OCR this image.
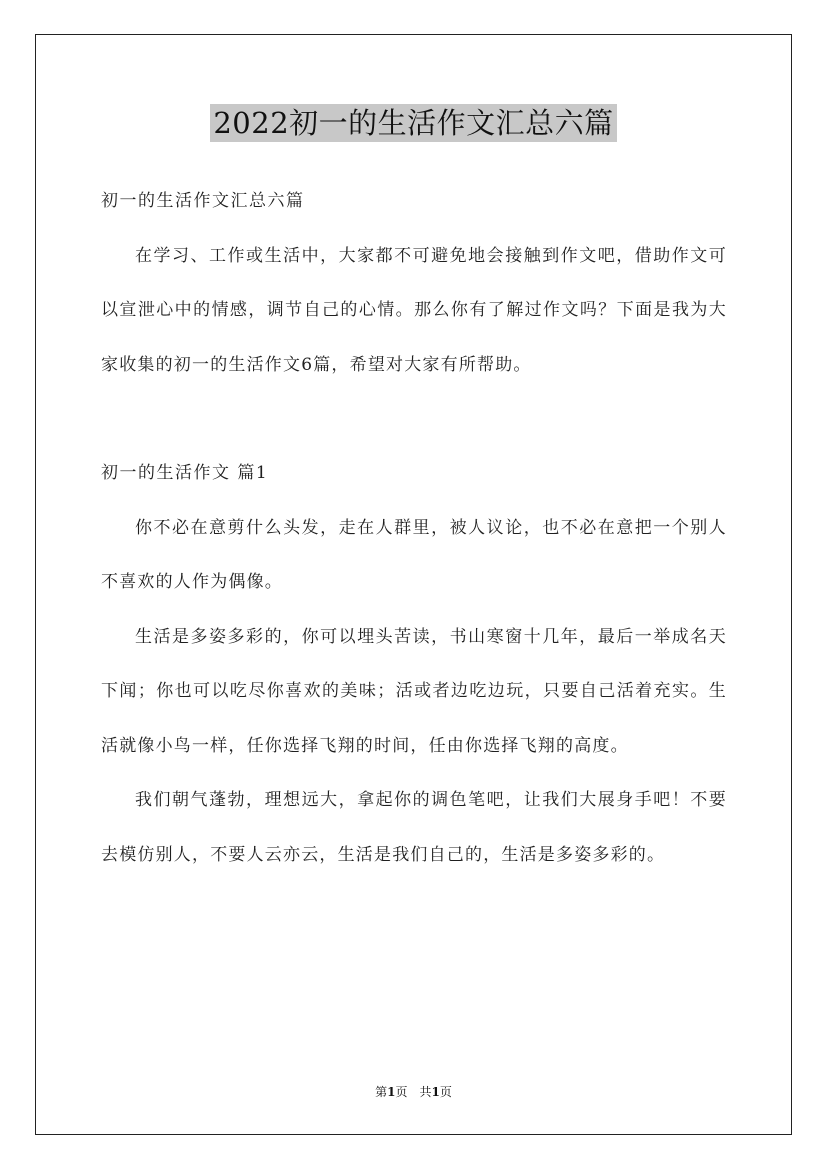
2022初一的生活作文汇总六篇

初一的生活作文汇总六篇

在学习、工作或生活中，大家都不可避免地会接触到作文吧，借助作文可以宣泄心中的情感，调节自己的心情。那么你有了解过作文吗？下面是我为大家收集的初一的生活作文6篇，希望对大家有所帮助。

初一的生活作文 篇1

你不必在意剪什么头发，走在人群里，被人议论，也不必在意把一个别人不喜欢的人作为偶像。

生活是多姿多彩的，你可以埋头苦读，书山寒窗十几年，最后一举成名天下闻；你也可以吃尽你喜欢的美味；活或者边吃边玩，只要自己活着充实。生活就像小鸟一样，任你选择飞翔的时间，任由你选择飞翔的高度。

我们朝气蓬勃，理想远大，拿起你的调色笔吧，让我们大展身手吧！不要去模仿别人，不要人云亦云，生活是我们自己的，生活是多姿多彩的。

第1页　共1页
